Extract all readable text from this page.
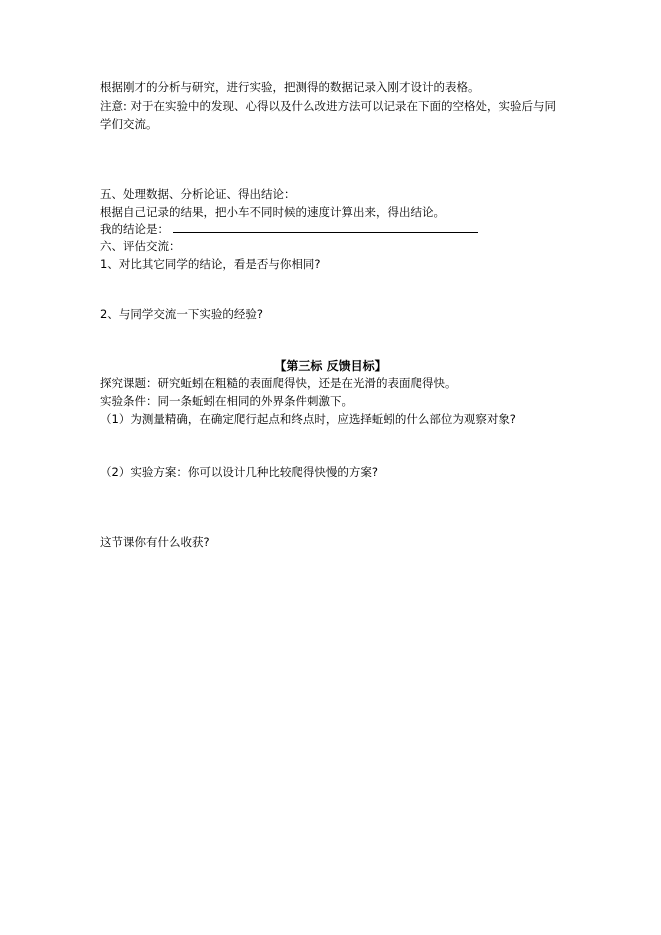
根据刚才的分析与研究，进行实验，把测得的数据记录入刚才设计的表格。
注意: 对于在实验中的发现、心得以及什么改进方法可以记录在下面的空格处，实验后与同
学们交流。
五、处理数据、分析论证、得出结论：
根据自己记录的结果，把小车不同时候的速度计算出来，得出结论。
我的结论是：
六、评估交流：
1、对比其它同学的结论，看是否与你相同?
2、与同学交流一下实验的经验?
【第三标 反馈目标】
探究课题：研究蚯蚓在粗糙的表面爬得快，还是在光滑的表面爬得快。
实验条件：同一条蚯蚓在相同的外界条件刺激下。
（1）为测量精确，在确定爬行起点和终点时，应选择蚯蚓的什么部位为观察对象?
（2）实验方案：你可以设计几种比较爬得快慢的方案?
这节课你有什么收获?
